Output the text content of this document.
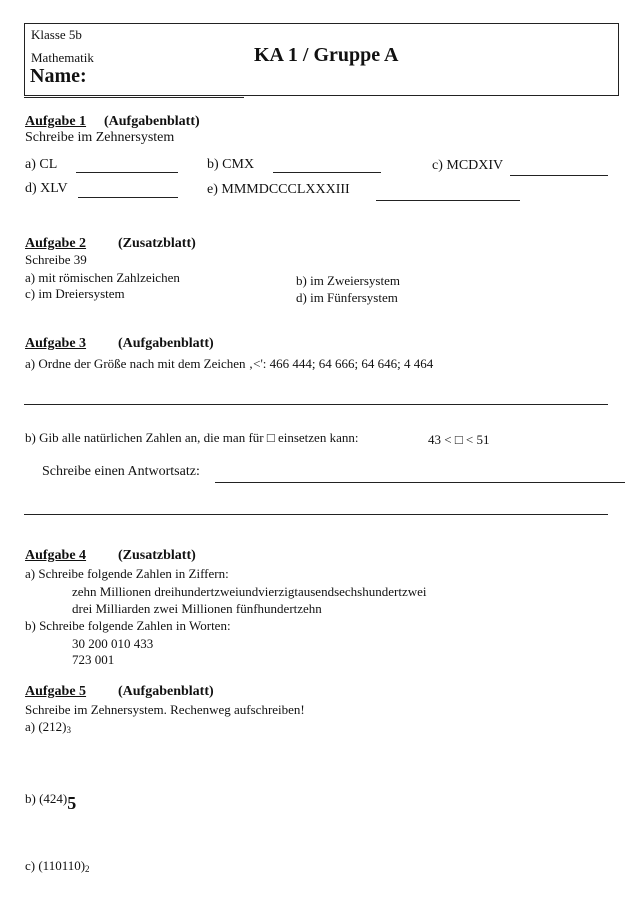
Klasse 5b
Mathematik	KA 1 / Gruppe A
Name:
Aufgabe 1 (Aufgabenblatt)
Schreibe im Zehnersystem
a) CL	b) CMX	c) MCDXIV
d) XLV	e) MMMDCCCLXXXIII
Aufgabe 2 (Zusatzblatt)
Schreibe 39
a) mit römischen Zahlzeichen	b) im Zweiersystem
c) im Dreiersystem	d) im Fünfersystem
Aufgabe 3 (Aufgabenblatt)
a) Ordne der Größe nach mit dem Zeichen ‚<': 466 444; 64 666; 64 646; 4 464
b) Gib alle natürlichen Zahlen an, die man für □ einsetzen kann:	43 < □ < 51
Schreibe einen Antwortsatz:
Aufgabe 4 (Zusatzblatt)
a) Schreibe folgende Zahlen in Ziffern:
zehn Millionen dreihundertzweiundvierzigtausendsechshundertzwei
drei Milliarden zwei Millionen fünfhundertzehn
b) Schreibe folgende Zahlen in Worten:
30 200 010 433
723 001
Aufgabe 5 (Aufgabenblatt)
Schreibe im Zehnersystem. Rechenweg aufschreiben!
a) $(212)_3$
b) (424)5
c) $(110110)_2$
